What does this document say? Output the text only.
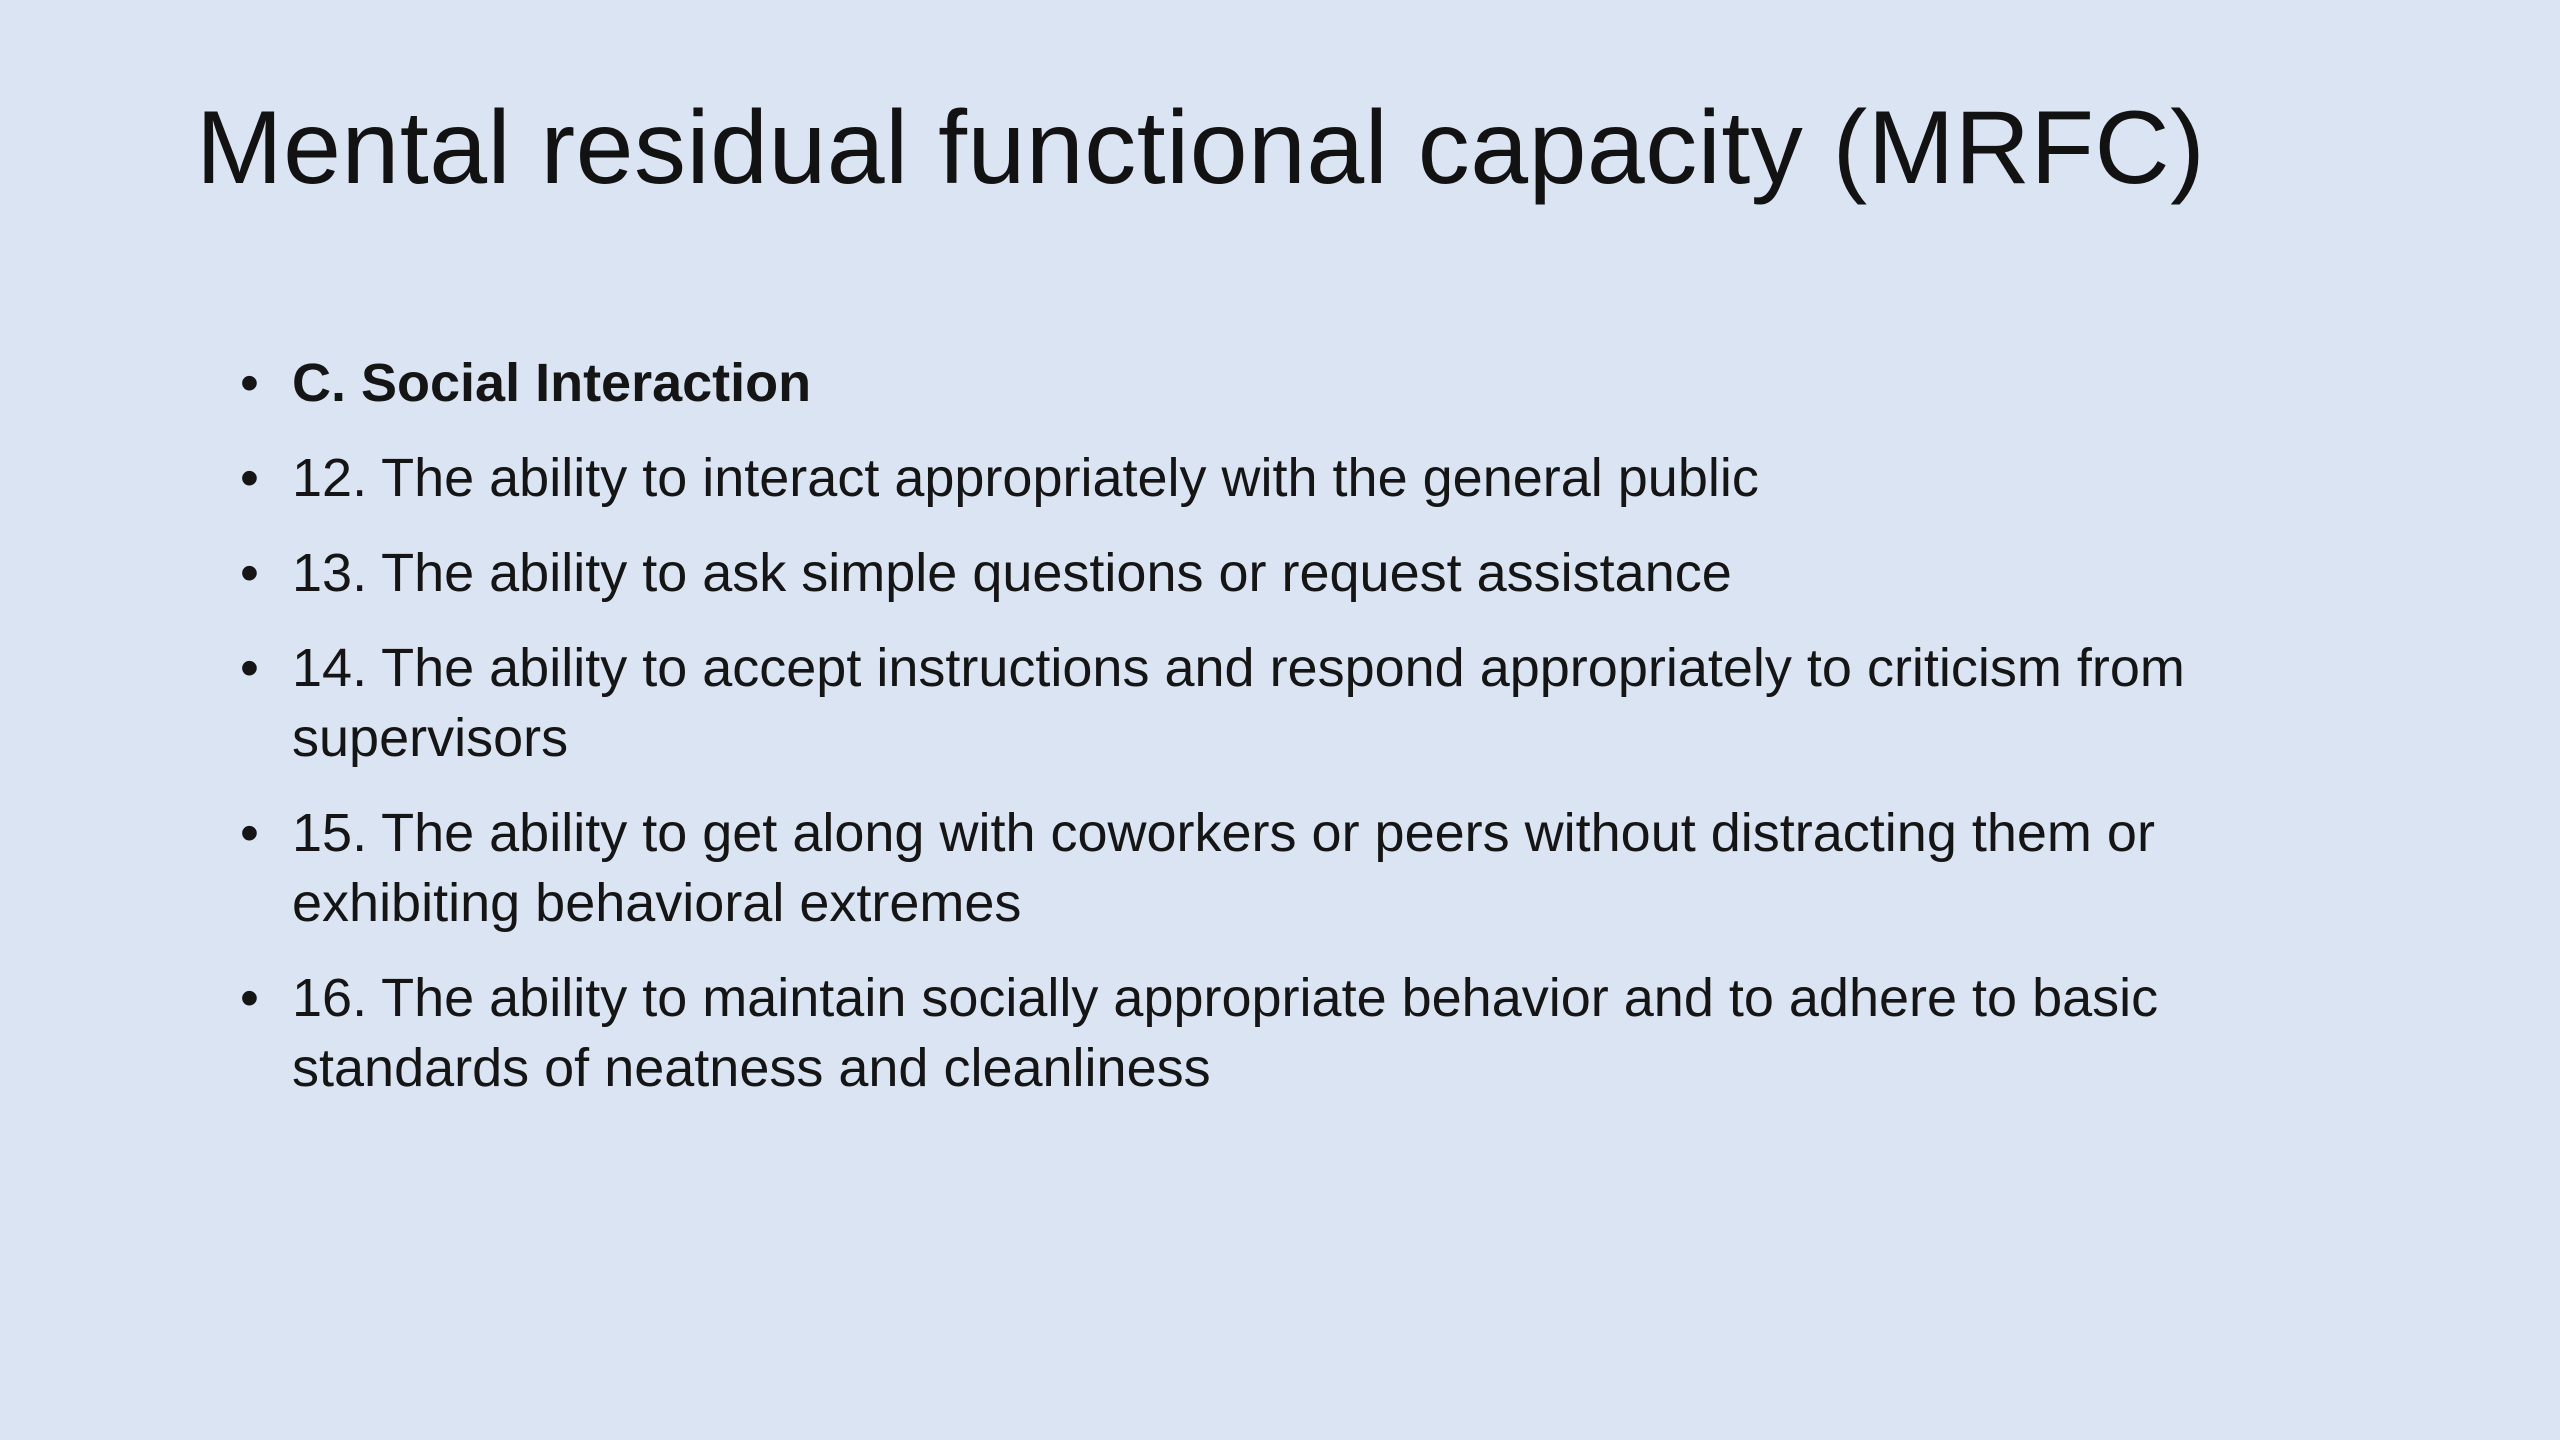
Mental residual functional capacity (MRFC)
• C. Social Interaction
• 12. The ability to interact appropriately with the general public
• 13. The ability to ask simple questions or request assistance
• 14. The ability to accept instructions and respond appropriately to criticism from supervisors
• 15. The ability to get along with coworkers or peers without distracting them or exhibiting behavioral extremes
• 16. The ability to maintain socially appropriate behavior and to adhere to basic standards of neatness and cleanliness
